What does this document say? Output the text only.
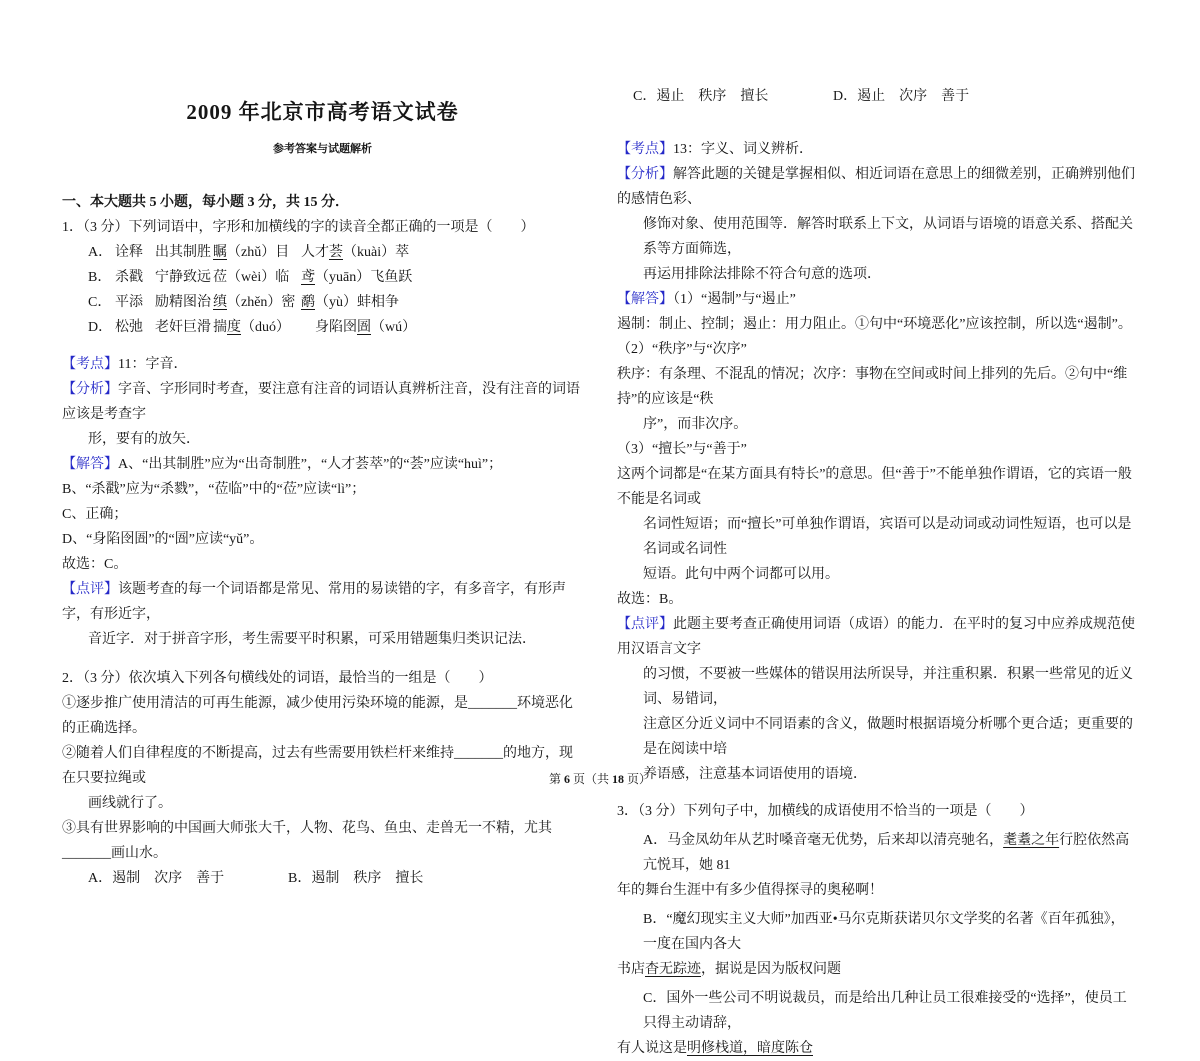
2009 年北京市高考语文试卷
参考答案与试题解析
一、本大题共 5 小题，每小题 3 分，共 15 分．
1．（3 分）下列词语中，字形和加横线的字的读音全都正确的一项是（　　）
A． 诠释 出其制胜 瞩（zhǔ）目 人才荟（kuài）萃
B． 杀戳 宁静致远 莅（wèi）临 鸢（yuān）飞鱼跃
C． 平添 励精图治 缜（zhěn）密 鹬（yù）蚌相争
D． 松弛 老奸巨滑 揣度（duó） 　身陷囹圄（wú）
【考点】11：字音．
【分析】字音、字形同时考查，要注意有注音的词语认真辨析注音，没有注音的词语应该是考查字
形，要有的放矢．
【解答】A、“出其制胜”应为“出奇制胜”，“人才荟萃”的“荟”应读“huì”；
B、“杀戳”应为“杀戮”，“莅临”中的“莅”应读“lì”；
C、正确；
D、“身陷囹圄”的“圄”应读“yǔ”。
故选：C。
【点评】该题考查的每一个词语都是常见、常用的易读错的字，有多音字，有形声字，有形近字，
音近字．对于拼音字形，考生需要平时积累，可采用错题集归类识记法．
2．（3 分）依次填入下列各句横线处的词语，最恰当的一组是（　　）
①逐步推广使用清洁的可再生能源，减少使用污染环境的能源，是_______环境恶化的正确选择。
②随着人们自律程度的不断提高，过去有些需要用铁栏杆来维持_______的地方，现在只要拉绳或
画线就行了。
③具有世界影响的中国画大师张大千，人物、花鸟、鱼虫、走兽无一不精，尤其_______画山水。
A．遏制　次序　善于	B．遏制　秩序　擅长
C．遏止　秩序　擅长	D．遏止　次序　善于
【考点】13：字义、词义辨析．
【分析】解答此题的关键是掌握相似、相近词语在意思上的细微差别，正确辨别他们的感情色彩、
修饰对象、使用范围等．解答时联系上下文，从词语与语境的语意关系、搭配关系等方面筛选，
再运用排除法排除不符合句意的选项．
【解答】（1）“遏制”与“遏止”
遏制：制止、控制；遏止：用力阻止。①句中“环境恶化”应该控制，所以选“遏制”。
（2）“秩序”与“次序”
秩序：有条理、不混乱的情况；次序：事物在空间或时间上排列的先后。②句中“维持”的应该是“秩
序”，而非次序。
（3）“擅长”与“善于”
这两个词都是“在某方面具有特长”的意思。但“善于”不能单独作谓语，它的宾语一般不能是名词或
名词性短语；而“擅长”可单独作谓语，宾语可以是动词或动词性短语，也可以是名词或名词性
短语。此句中两个词都可以用。
故选：B。
【点评】此题主要考查正确使用词语（成语）的能力．在平时的复习中应养成规范使用汉语言文字
的习惯，不要被一些媒体的错误用法所误导，并注重积累．积累一些常见的近义词、易错词，
注意区分近义词中不同语素的含义，做题时根据语境分析哪个更合适；更重要的是在阅读中培
养语感，注意基本词语使用的语境．
3．（3 分）下列句子中，加横线的成语使用不恰当的一项是（　　）
A．马金凤幼年从艺时嗓音毫无优势，后来却以清亮驰名，耄耋之年行腔依然高亢悦耳，她 81
年的舞台生涯中有多少值得探寻的奥秘啊！
B．“魔幻现实主义大师”加西亚•马尔克斯获诺贝尔文学奖的名著《百年孤独》，一度在国内各大
书店杳无踪迹，据说是因为版权问题
C．国外一些公司不明说裁员，而是给出几种让员工很难接受的“选择”，使员工只得主动请辞，
有人说这是明修栈道，暗度陈仓
第 6 页（共 18 页）
